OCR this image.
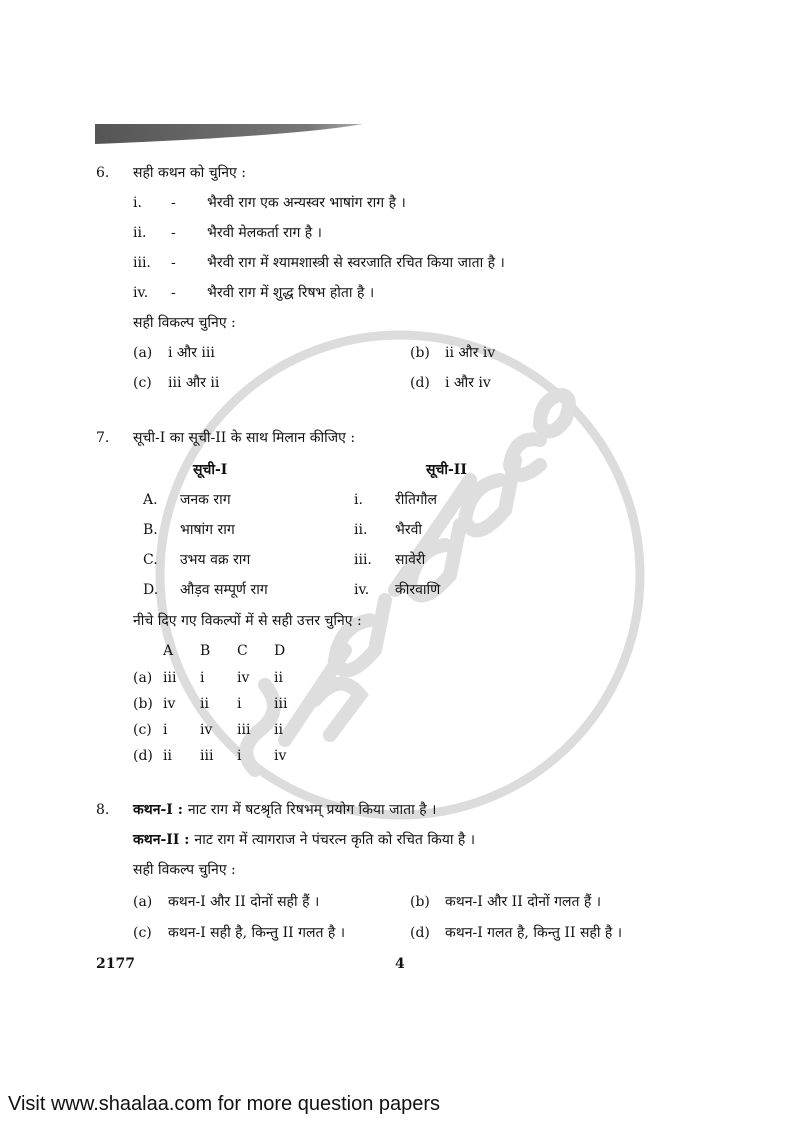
6.	सही कथन को चुनिए :
i.	-	भैरवी राग एक अन्यस्वर भाषांग राग है ।
ii.	-	भैरवी मेलकर्ता राग है ।
iii.	-	भैरवी राग में श्यामशास्त्री से स्वरजाति रचित किया जाता है ।
iv.	-	भैरवी राग में शुद्ध रिषभ होता है ।
सही विकल्प चुनिए :
(a)	i और iii	(b)	ii और iv
(c)	iii और ii	(d)	i और iv
7.	सूची-I का सूची-II के साथ मिलान कीजिए :
सूची-I	सूची-II
A.	जनक राग	i.	रीतिगौल
B.	भाषांग राग	ii.	भैरवी
C.	उभय वक्र राग	iii.	सावेरी
D.	औड़व सम्पूर्ण राग	iv.	कीरवाणि
नीचे दिए गए विकल्पों में से सही उत्तर चुनिए :
A	B	C	D
(a) iii	i	iv	ii
(b) iv	ii	i	iii
(c) i	iv	iii	ii
(d) ii	iii	i	iv
8.	कथन-I : नाट राग में षटश्रृति रिषभम् प्रयोग किया जाता है ।
कथन-II : नाट राग में त्यागराज ने पंचरत्न कृति को रचित किया है ।
सही विकल्प चुनिए :
(a)	कथन-I और II दोनों सही हैं ।	(b)	कथन-I और II दोनों गलत हैं ।
(c)	कथन-I सही है, किन्तु II गलत है ।	(d)	कथन-I गलत है, किन्तु II सही है ।
2177	4
Visit www.shaalaa.com for more question papers
